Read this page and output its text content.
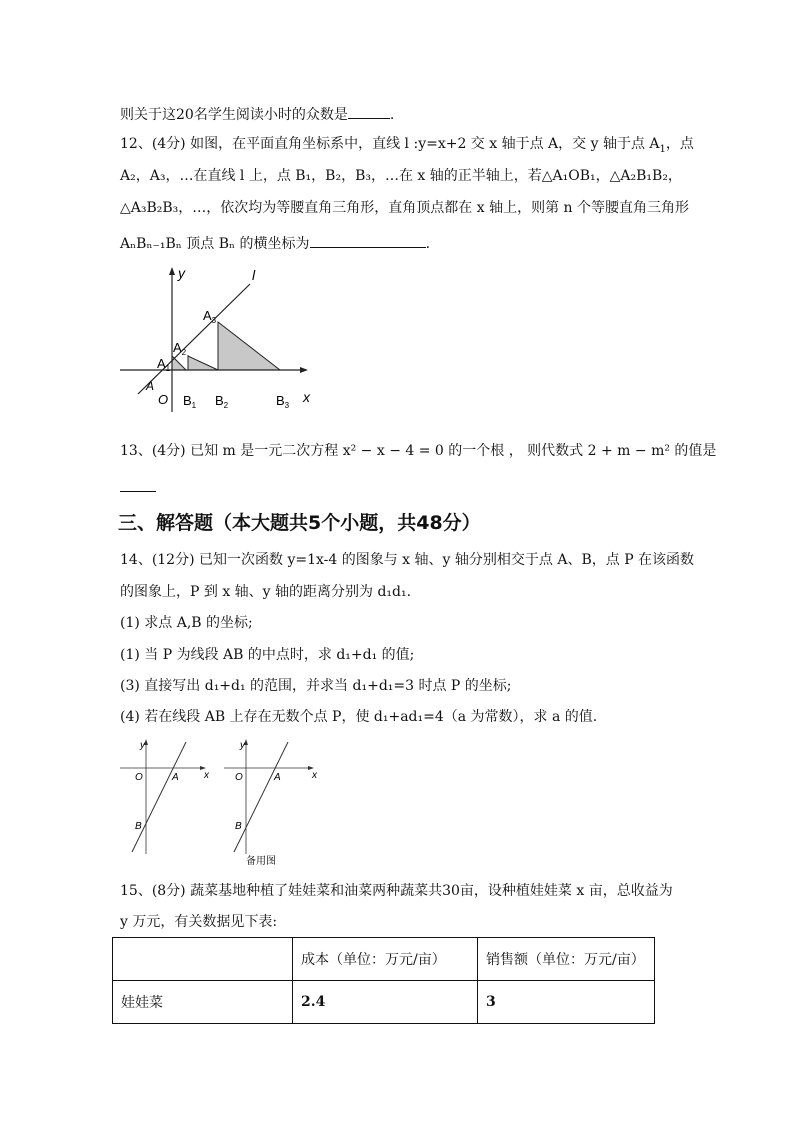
则关于这20名学生阅读小时的众数是	.
12、(4分) 如图，在平面直角坐标系中，直线 l :y=x+2 交 x 轴于点 A，交 y 轴于点 $A_1$，点
A₂，A₃，…在直线 l 上，点 B₁，B₂，B₃，…在 x 轴的正半轴上，若△A₁OB₁，△A₂B₁B₂，
△A₃B₂B₃，…，依次均为等腰直角三角形，直角顶点都在 x 轴上，则第 n 个等腰直角三角形
AₙBₙ₋₁Bₙ 顶点 Bₙ 的横坐标为	.
y	l
x
A
O
$A_1$
$A_2$
$A_3$
$B_1$ $B_2$	$B_3$
13、(4分) 已知 m 是一元二次方程 x² − x − 4 = 0 的一个根 ， 则代数式 2 + m − m² 的值是
三、解答题（本大题共5个小题，共48分）
14、(12分) 已知一次函数 y=1x-4 的图象与 x 轴、y 轴分别相交于点 A、B，点 P 在该函数
的图象上，P 到 x 轴、y 轴的距离分别为 d₁d₁.
(1) 求点 A,B 的坐标;
(1) 当 P 为线段 AB 的中点时，求 d₁+d₁ 的值;
(3) 直接写出 d₁+d₁ 的范围，并求当 d₁+d₁=3 时点 P 的坐标;
(4) 若在线段 AB 上存在无数个点 P，使 d₁+ad₁=4（a 为常数），求 a 的值.
y
x
O	A
B
y
x
O	A
B
备用图
15、(8分) 蔬菜基地种植了娃娃菜和油菜两种蔬菜共30亩，设种植娃娃菜 x 亩，总收益为
y 万元，有关数据见下表:
	成本（单位：万元/亩）	销售额（单位：万元/亩）
娃娃菜	2.4	3
